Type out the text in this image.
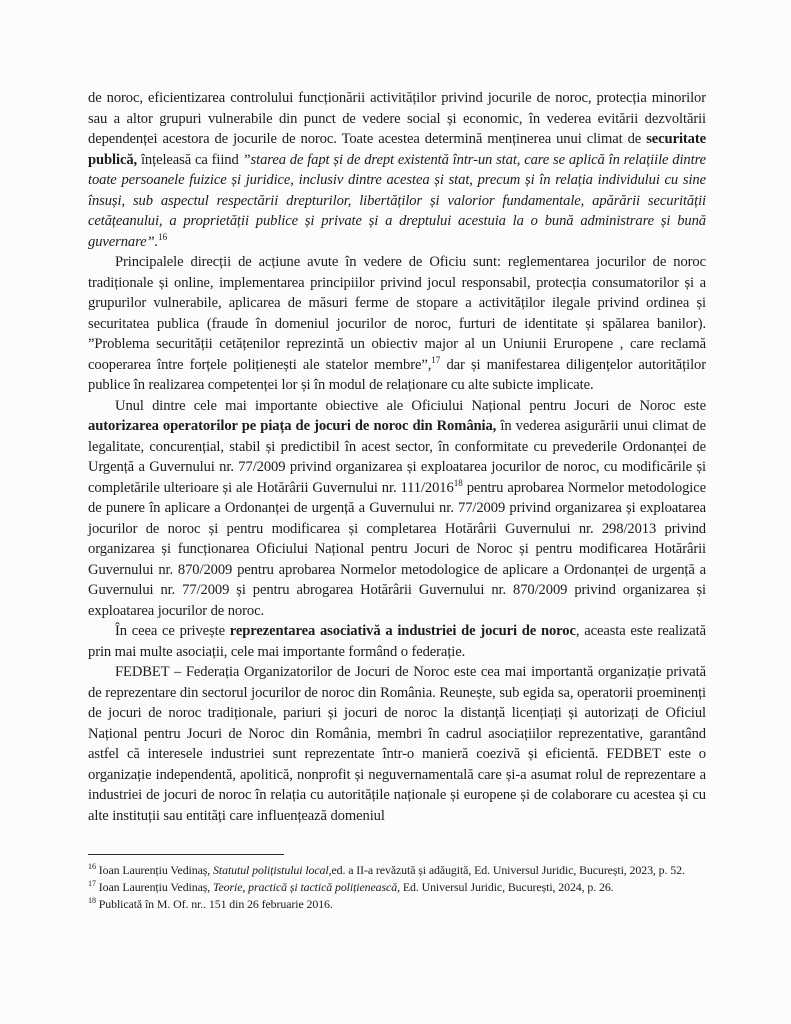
de noroc, eficientizarea controlului funcționării activităților privind jocurile de noroc, protecția minorilor sau a altor grupuri vulnerabile din punct de vedere social și economic, în vederea evitării dezvoltării dependenței acestora de jocurile de noroc. Toate acestea determină menținerea unui climat de securitate publică, înțeleasă ca fiind ”starea de fapt și de drept existentă într-un stat, care se aplică în relațiile dintre toate persoanele fuizice și juridice, inclusiv dintre acestea și stat, precum și în relația individului cu sine însuși, sub aspectul respectării drepturilor, libertăților și valorior fundamentale, apărării securității cetățeanului, a proprietății publice și private și a dreptului acestuia la o bună administrare și bună guvernare”.$^{16}$

Principalele direcții de acțiune avute în vedere de Oficiu sunt: reglementarea jocurilor de noroc tradiționale și online, implementarea principiilor privind jocul responsabil, protecția consumatorilor și a grupurilor vulnerabile, aplicarea de măsuri ferme de stopare a activităților ilegale privind ordinea și securitatea publica (fraude în domeniul jocurilor de noroc, furturi de identitate și spălarea banilor). ”Problema securității cetățenilor reprezintă un obiectiv major al un Uniunii Eruropene , care reclamă cooperarea între forțele polițienești ale statelor membre”,$^{17}$ dar și manifestarea diligențelor autorităților publice în realizarea competenței lor și în modul de relaționare cu alte subicte implicate.

Unul dintre cele mai importante obiective ale Oficiului Național pentru Jocuri de Noroc este autorizarea operatorilor pe piața de jocuri de noroc din România, în vederea asigurării unui climat de legalitate, concurențial, stabil și predictibil în acest sector, în conformitate cu prevederile Ordonanței de Urgență a Guvernului nr. 77/2009 privind organizarea și exploatarea jocurilor de noroc, cu modificările și completările ulterioare și ale Hotărârii Guvernului nr. 111/2016$^{18}$ pentru aprobarea Normelor metodologice de punere în aplicare a Ordonanței de urgență a Guvernului nr. 77/2009 privind organizarea și exploatarea jocurilor de noroc și pentru modificarea și completarea Hotărârii Guvernului nr. 298/2013 privind organizarea și funcționarea Oficiului Național pentru Jocuri de Noroc și pentru modificarea Hotărârii Guvernului nr. 870/2009 pentru aprobarea Normelor metodologice de aplicare a Ordonanței de urgență a Guvernului nr. 77/2009 și pentru abrogarea Hotărârii Guvernului nr. 870/2009 privind organizarea și exploatarea jocurilor de noroc.

În ceea ce privește reprezentarea asociativă a industriei de jocuri de noroc, aceasta este realizată prin mai multe asociații, cele mai importante formând o federație.

FEDBET – Federația Organizatorilor de Jocuri de Noroc este cea mai importantă organizație privată de reprezentare din sectorul jocurilor de noroc din România. Reunește, sub egida sa, operatorii proeminenți de jocuri de noroc tradiționale, pariuri și jocuri de noroc la distanță licențiați și autorizați de Oficiul Național pentru Jocuri de Noroc din România, membri în cadrul asociațiilor reprezentative, garantând astfel că interesele industriei sunt reprezentate într-o manieră coezivă și eficientă. FEDBET este o organizație independentă, apolitică, nonprofit și neguvernamentală care și-a asumat rolul de reprezentare a industriei de jocuri de noroc în relația cu autoritățile naționale și europene și de colaborare cu acestea și cu alte instituții sau entități care influențează domeniul

$^{16}$ Ioan Laurențiu Vedinaș, Statutul polițistului local,ed. a II-a revăzută și adăugită, Ed. Universul Juridic, București, 2023, p. 52.

$^{17}$ Ioan Laurențiu Vedinaș, Teorie, practică și tactică polițienească, Ed. Universul Juridic, București, 2024, p. 26.

$^{18}$ Publicată în M. Of. nr.. 151 din 26 februarie 2016.
